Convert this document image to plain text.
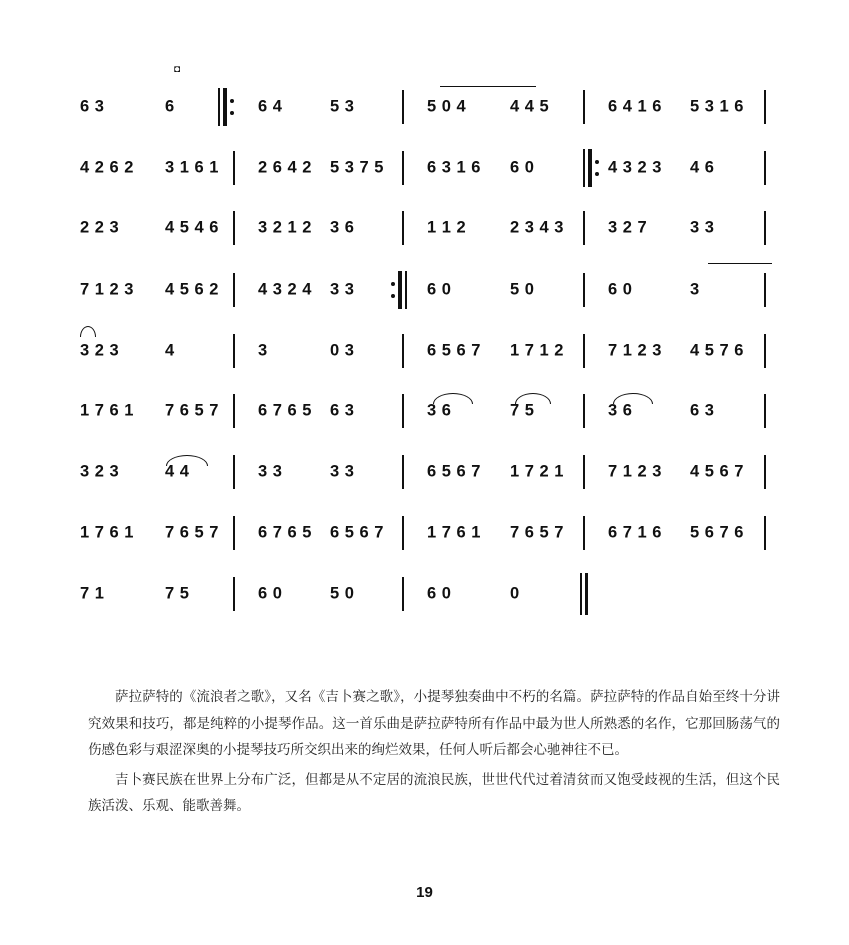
◘
6 3	6	6 4	5 3	5 0 4	4 4 5	6 4 1 6 5 3 1 6
4 2 6 2 3 1 6 1 2 6 4 2 5 3 7 5	6 3 1 6 6 0	4 3 2 3 4 6
2 2 3	4 5 4 6 3 2 1 2 3 6	1 1 2	2 3 4 3	3 2 7	3 3
7 1 2 3 4 5 6 2 4 3 2 4 3 3	6 0	5 0	6 0	3
3 2 3	4	3	0 3	6 5 6 7 1 7 1 2	7 1 2 3 4 5 7 6
1 7 6 1 7 6 5 7 6 7 6 5 6 3	3 6	7 5	3 6	6 3
3 2 3	4 4	3 3	3 3	6 5 6 7 1 7 2 1	7 1 2 3 4 5 6 7
1 7 6 1 7 6 5 7 6 7 6 5 6 5 6 7	1 7 6 1 7 6 5 7	6 7 1 6 5 6 7 6
7 1	7 5	6 0	5 0	6 0	0

萨拉萨特的《流浪者之歌》，又名《吉卜赛之歌》，小提琴独奏曲中不朽的名篇。萨拉萨特的作品自始至终十分讲究效果和技巧，都是纯粹的小提琴作品。这一首乐曲是萨拉萨特所有作品中最为世人所熟悉的名作，它那回肠荡气的伤感色彩与艰涩深奥的小提琴技巧所交织出来的绚烂效果，任何人听后都会心驰神往不已。

吉卜赛民族在世界上分布广泛，但都是从不定居的流浪民族，世世代代过着清贫而又饱受歧视的生活，但这个民族活泼、乐观、能歌善舞。

19
